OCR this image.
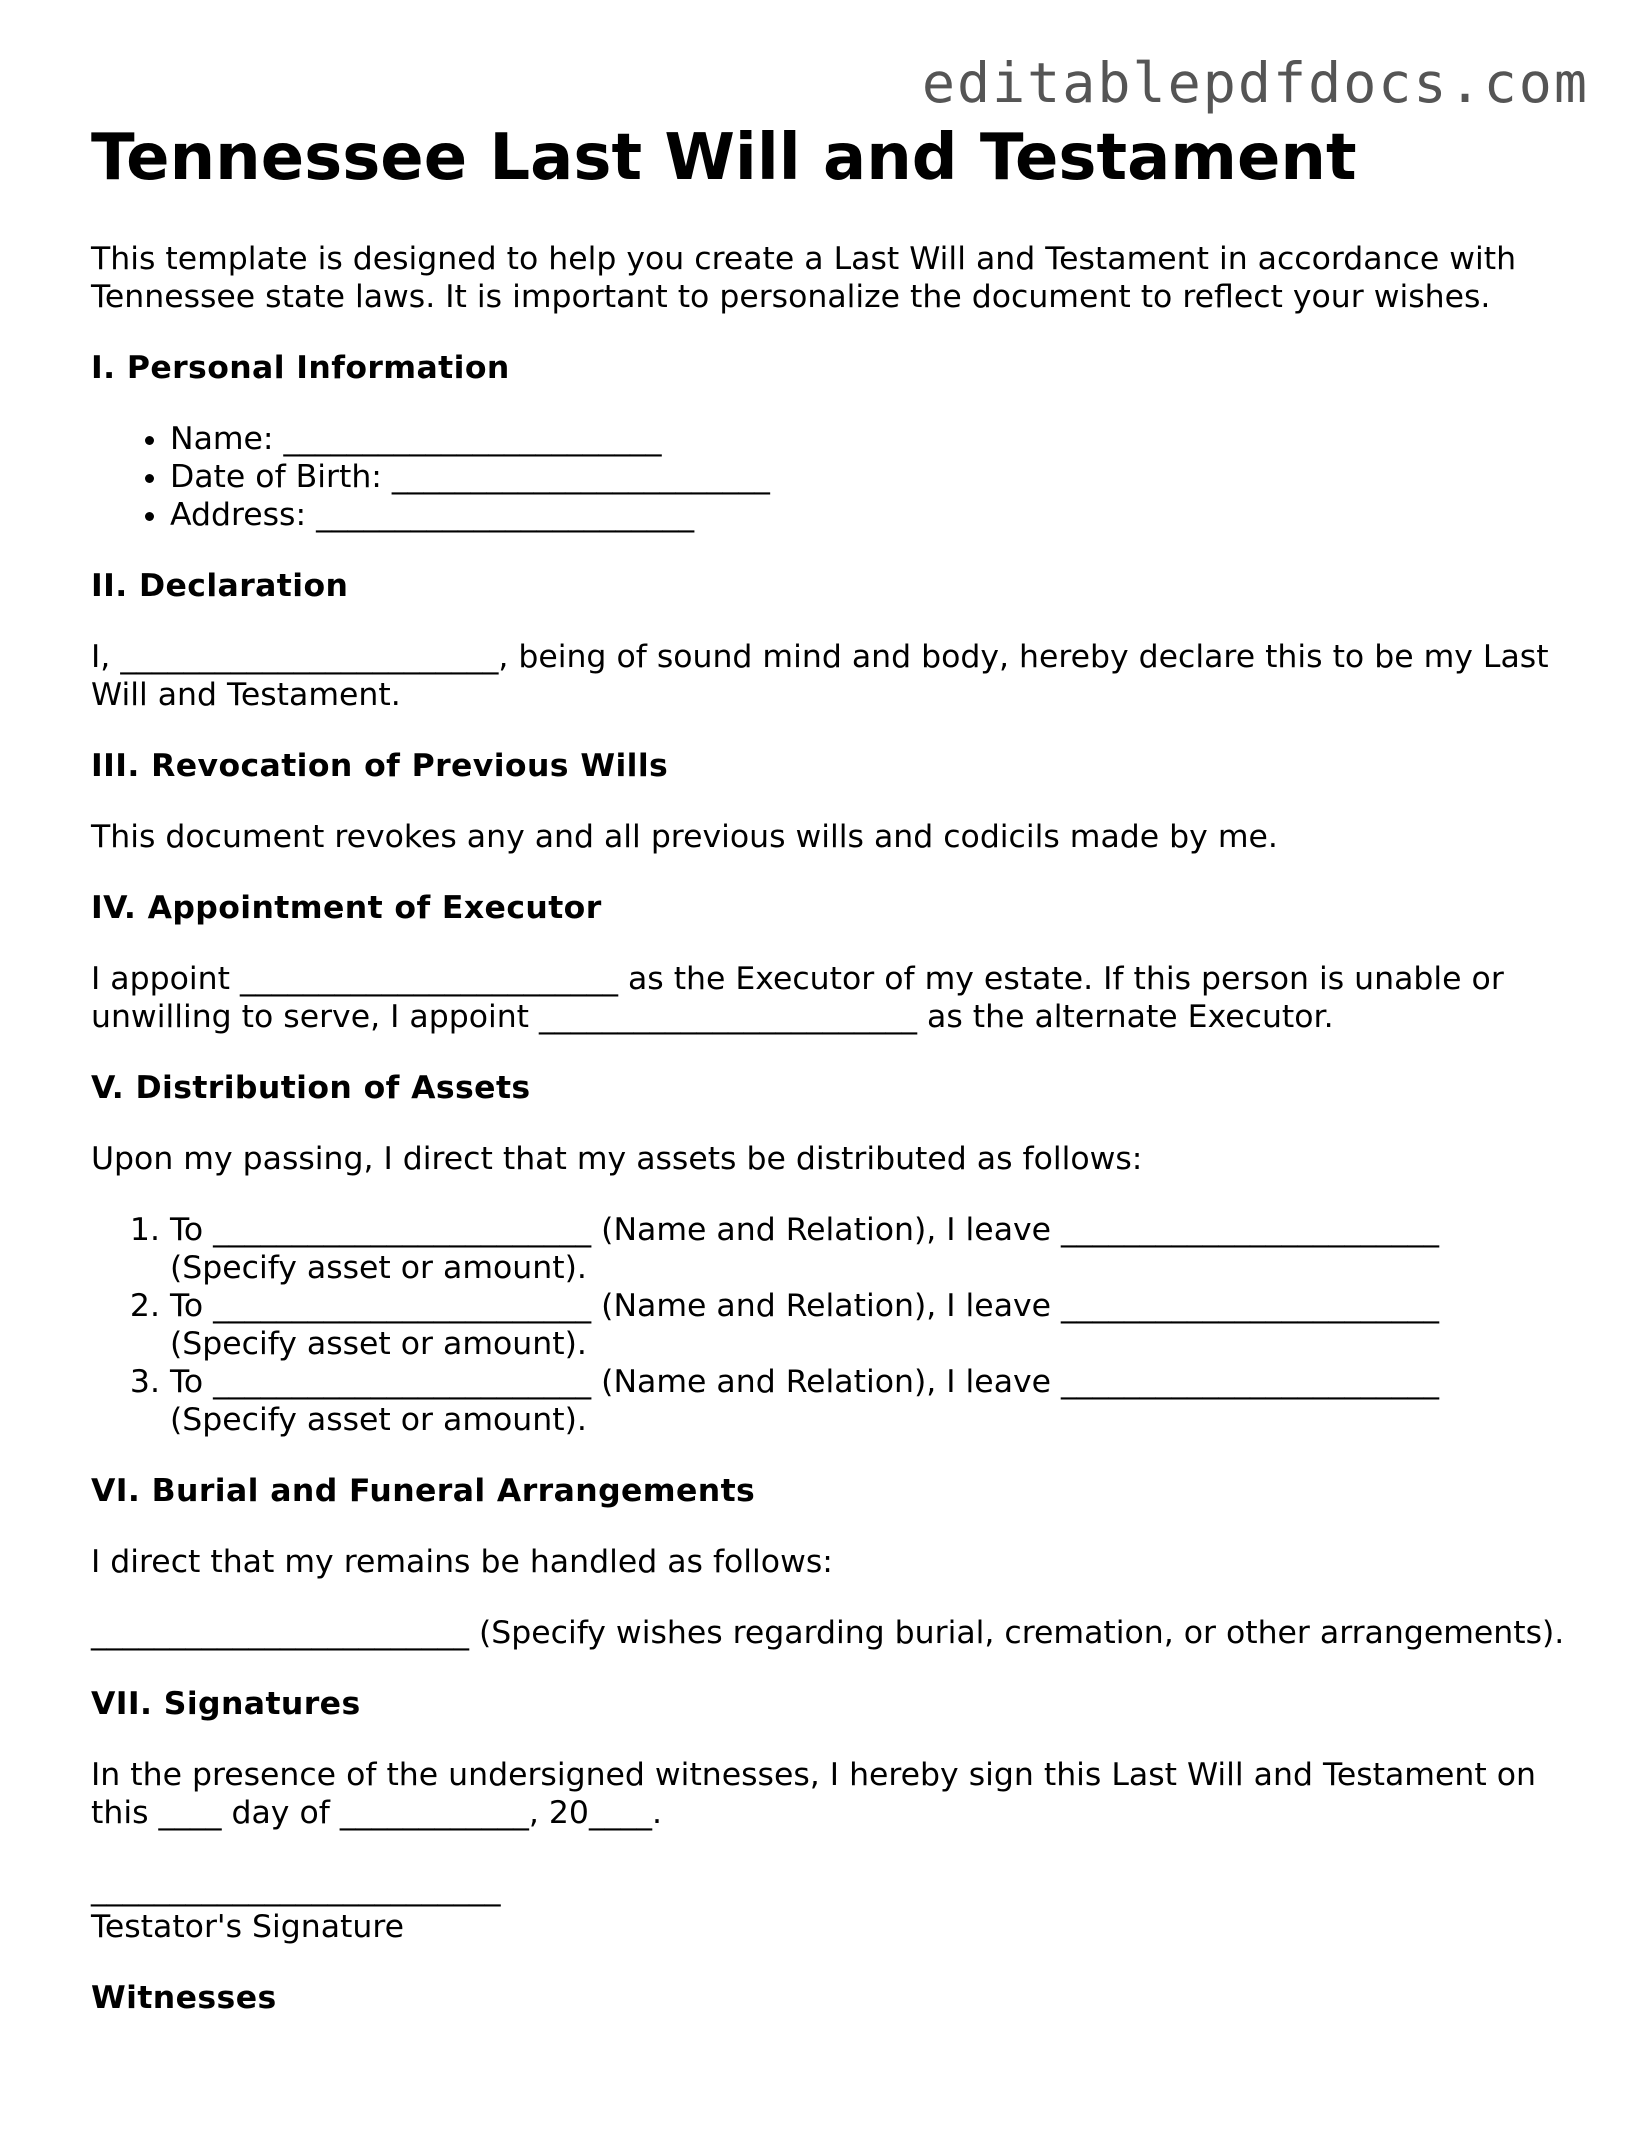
editablepdfdocs.com
Tennessee Last Will and Testament

This template is designed to help you create a Last Will and Testament in accordance with Tennessee state laws. It is important to personalize the document to reflect your wishes.

I. Personal Information
• Name: ________________________
• Date of Birth: ________________________
• Address: ________________________
II. Declaration

I, ________________________, being of sound mind and body, hereby declare this to be my Last Will and Testament.

III. Revocation of Previous Wills

This document revokes any and all previous wills and codicils made by me.

IV. Appointment of Executor

I appoint ________________________ as the Executor of my estate. If this person is unable or unwilling to serve, I appoint ________________________ as the alternate Executor.

V. Distribution of Assets

Upon my passing, I direct that my assets be distributed as follows:

1. To ________________________ (Name and Relation), I leave ________________________ (Specify asset or amount).
2. To ________________________ (Name and Relation), I leave ________________________ (Specify asset or amount).
3. To ________________________ (Name and Relation), I leave ________________________ (Specify asset or amount).
VI. Burial and Funeral Arrangements

I direct that my remains be handled as follows:

________________________ (Specify wishes regarding burial, cremation, or other arrangements).

VII. Signatures

In the presence of the undersigned witnesses, I hereby sign this Last Will and Testament on this ____ day of ____________, 20____.

__________________________
Testator's Signature

Witnesses
